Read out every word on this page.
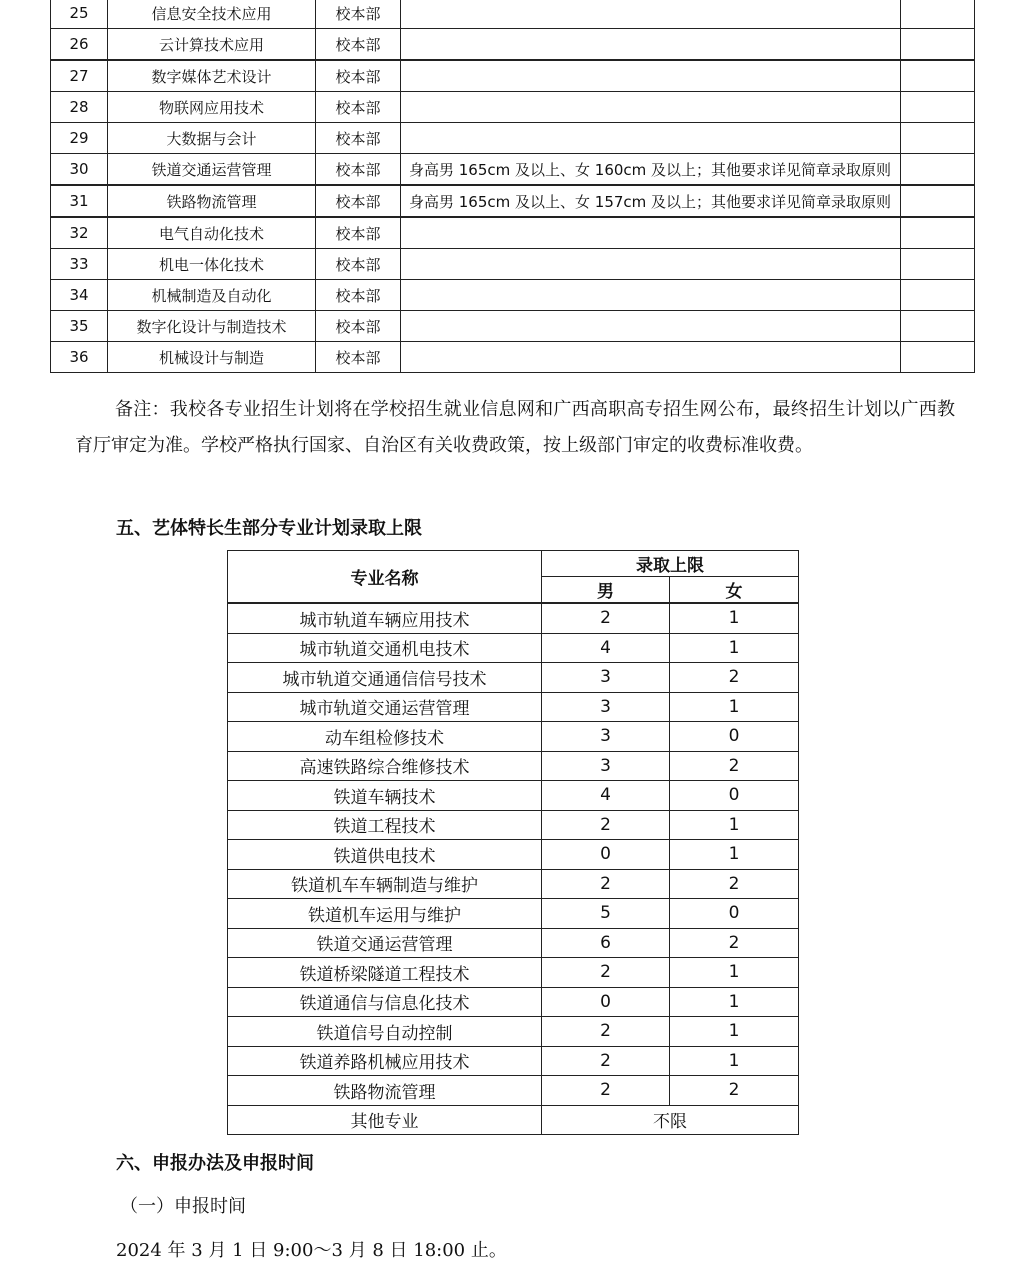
25	信息安全技术应用	校本部		
26	云计算技术应用	校本部		
27	数字媒体艺术设计	校本部		
28	物联网应用技术	校本部		
29	大数据与会计	校本部		
30	铁道交通运营管理	校本部	身高男 165cm 及以上、女 160cm 及以上；其他要求详见简章录取原则	
31	铁路物流管理	校本部	身高男 165cm 及以上、女 157cm 及以上；其他要求详见简章录取原则	
32	电气自动化技术	校本部		
33	机电一体化技术	校本部		
34	机械制造及自动化	校本部		
35	数字化设计与制造技术	校本部		
36	机械设计与制造	校本部		

备注：我校各专业招生计划将在学校招生就业信息网和广西高职高专招生网公布，最终招生计划以广西教育厅审定为准。学校严格执行国家、自治区有关收费政策，按上级部门审定的收费标准收费。

五、艺体特长生部分专业计划录取上限

专业名称	录取上限	
	男	女
城市轨道车辆应用技术	2	1
城市轨道交通机电技术	4	1
城市轨道交通通信信号技术	3	2
城市轨道交通运营管理	3	1
动车组检修技术	3	0
高速铁路综合维修技术	3	2
铁道车辆技术	4	0
铁道工程技术	2	1
铁道供电技术	0	1
铁道机车车辆制造与维护	2	2
铁道机车运用与维护	5	0
铁道交通运营管理	6	2
铁道桥梁隧道工程技术	2	1
铁道通信与信息化技术	0	1
铁道信号自动控制	2	1
铁道养路机械应用技术	2	1
铁路物流管理	2	2
其他专业	不限	

六、申报办法及申报时间

（一）申报时间

2024 年 3 月 1 日 9:00～3 月 8 日 18:00 止。
